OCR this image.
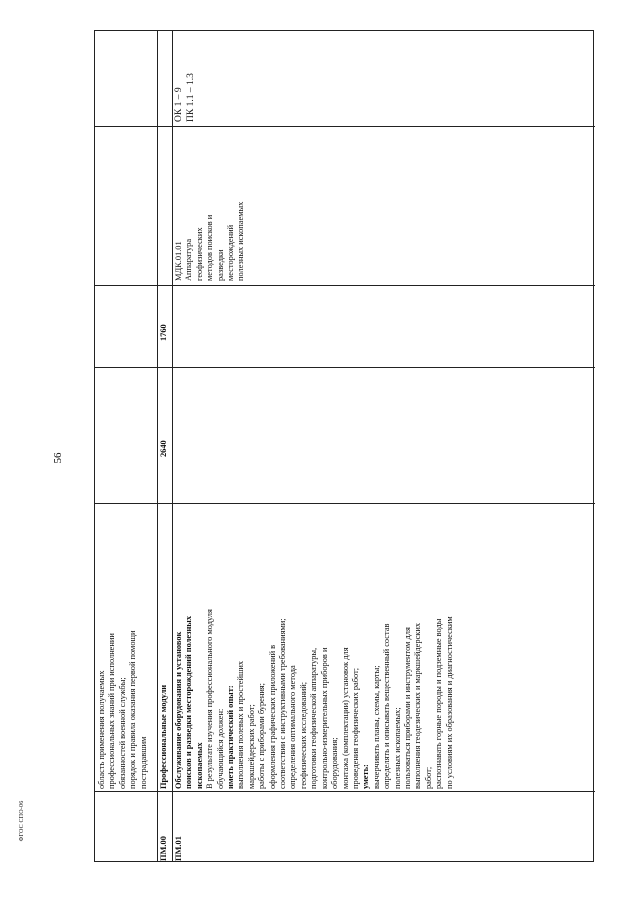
56
ФГОС СПО-06
область применения получаемых профессиональных знаний при исполнении обязанностей военной службы; порядок и правила оказания первой помощи пострадавшим
ПМ.00
Профессиональные модули
2640
1760
ПМ.01
Обслуживание оборудования и установок поисков и разведки месторождений полезных ископаемых В результате изучения профессионального модуля обучающийся должен: иметь практический опыт: выполнения полевых и простейших маркшейдерских работ; работы с приборами бурения; оформления графических приложений в соответствии с инструктивными требованиями; определения оптимального метода геофизических исследований; подготовки геофизической аппаратуры, контрольно-измерительных приборов и оборудования; монтажа (комплектации) установок для проведения геофизических работ; уметь: вычерчивать планы, схемы, карты; определять и описывать вещественный состав полезных ископаемых; пользоваться приборами и инструментом для выполнения геодезических и маркшейдерских работ; распознавать горные породы и подземные воды по условиям их образования и диагностическим
МДК.01.01 Аппаратура геофизических методов поисков и разведки месторождений полезных ископаемых
ОК 1 – 9 ПК 1.1 – 1.3
